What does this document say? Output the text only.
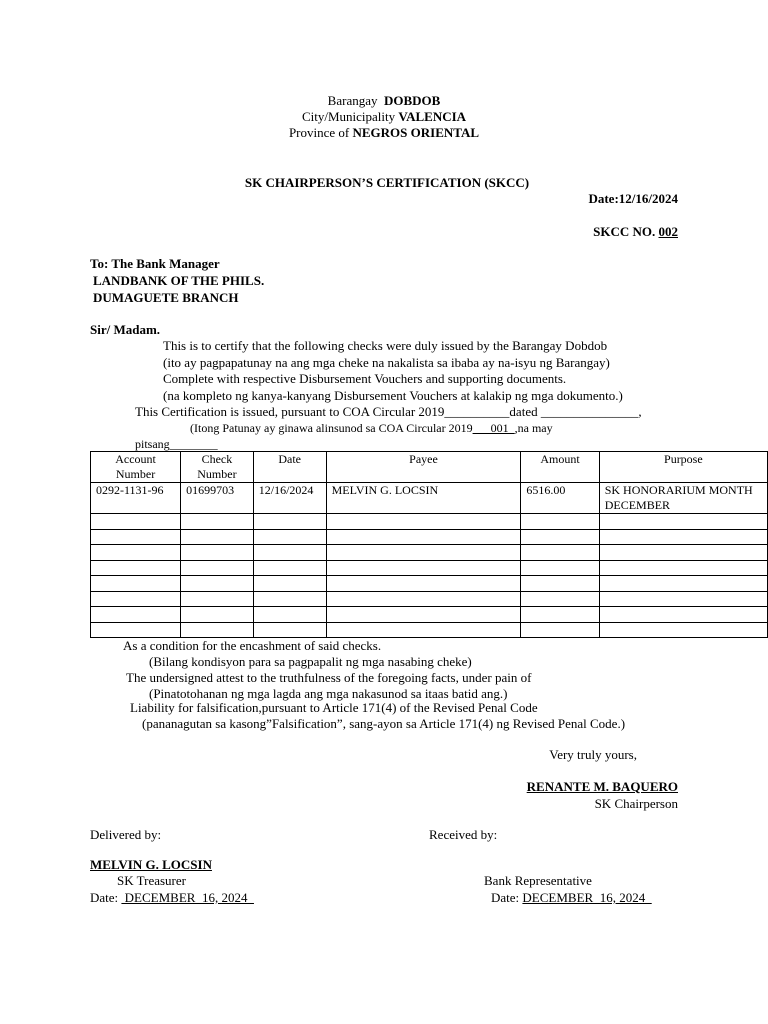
Barangay DOBDOB
City/Municipality VALENCIA
Province of NEGROS ORIENTAL
SK CHAIRPERSON’S CERTIFICATION (SKCC)
Date:12/16/2024
SKCC NO. 002
To: The Bank Manager
LANDBANK OF THE PHILS.
DUMAGUETE BRANCH
Sir/ Madam.
This is to certify that the following checks were duly issued by the Barangay Dobdob
(ito ay pagpapatunay na ang mga cheke na nakalista sa ibaba ay na-isyu ng Barangay)
Complete with respective Disbursement Vouchers and supporting documents.
(na kompleto ng kanya-kanyang Disbursement Vouchers at kalakip ng mga dokumento.)
This Certification is issued, pursuant to COA Circular 2019__________dated _______________,
(Itong Patunay ay ginawa alinsunod sa COA Circular 2019___001_,na may
pitsang________
Account Number	Check Number	Date	Payee	Amount	Purpose
0292-1131-96	01699703	12/16/2024	MELVIN G. LOCSIN	6516.00	SK HONORARIUM MONTH DECEMBER

As a condition for the encashment of said checks.
(Bilang kondisyon para sa pagpapalit ng mga nasabing cheke)
The undersigned attest to the truthfulness of the foregoing facts, under pain of
(Pinatotohanan ng mga lagda ang mga nakasunod sa itaas batid ang.)
Liability for falsification,pursuant to Article 171(4) of the Revised Penal Code
(pananagutan sa kasong”Falsification”, sang-ayon sa Article 171(4) ng Revised Penal Code.)
Very truly yours,
RENANTE M. BAQUERO
SK Chairperson
Delivered by:	Received by:
MELVIN G. LOCSIN
SK Treasurer	Bank Representative
Date:  DECEMBER  16, 2024	Date: DECEMBER  16, 2024
